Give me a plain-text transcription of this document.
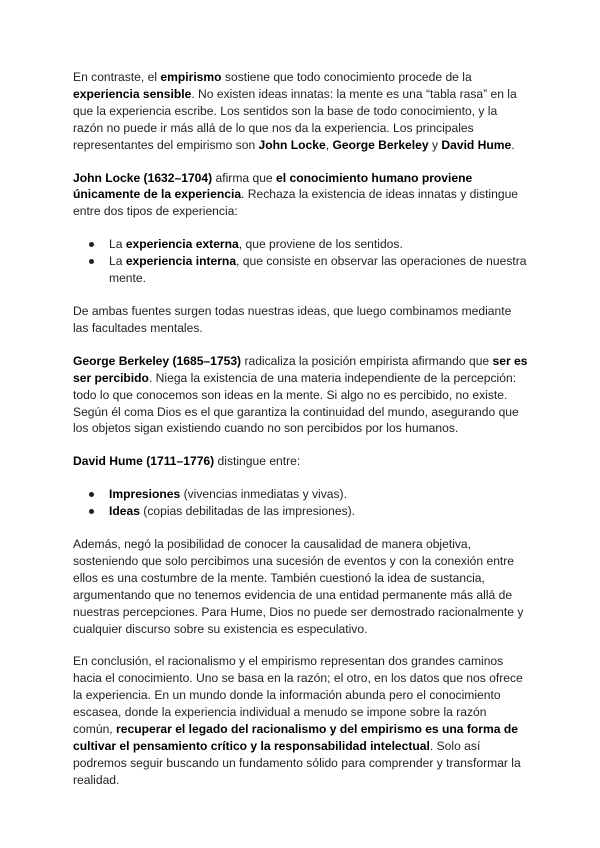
En contraste, el empirismo sostiene que todo conocimiento procede de la experiencia sensible. No existen ideas innatas: la mente es una “tabla rasa” en la que la experiencia escribe. Los sentidos son la base de todo conocimiento, y la razón no puede ir más allá de lo que nos da la experiencia. Los principales representantes del empirismo son John Locke, George Berkeley y David Hume.

John Locke (1632–1704) afirma que el conocimiento humano proviene únicamente de la experiencia. Rechaza la existencia de ideas innatas y distingue entre dos tipos de experiencia:

La experiencia externa, que proviene de los sentidos.
La experiencia interna, que consiste en observar las operaciones de nuestra mente.

De ambas fuentes surgen todas nuestras ideas, que luego combinamos mediante las facultades mentales.

George Berkeley (1685–1753) radicaliza la posición empirista afirmando que ser es ser percibido. Niega la existencia de una materia independiente de la percepción: todo lo que conocemos son ideas en la mente. Si algo no es percibido, no existe. Según él coma Dios es el que garantiza la continuidad del mundo, asegurando que los objetos sigan existiendo cuando no son percibidos por los humanos.

David Hume (1711–1776) distingue entre:

Impresiones (vivencias inmediatas y vivas).
Ideas (copias debilitadas de las impresiones).

Además, negó la posibilidad de conocer la causalidad de manera objetiva, sosteniendo que solo percibimos una sucesión de eventos y con la conexión entre ellos es una costumbre de la mente. También cuestionó la idea de sustancia, argumentando que no tenemos evidencia de una entidad permanente más allá de nuestras percepciones. Para Hume, Dios no puede ser demostrado racionalmente y cualquier discurso sobre su existencia es especulativo.

En conclusión, el racionalismo y el empirismo representan dos grandes caminos hacia el conocimiento. Uno se basa en la razón; el otro, en los datos que nos ofrece la experiencia. En un mundo donde la información abunda pero el conocimiento escasea, donde la experiencia individual a menudo se impone sobre la razón común, recuperar el legado del racionalismo y del empirismo es una forma de cultivar el pensamiento crítico y la responsabilidad intelectual. Solo así podremos seguir buscando un fundamento sólido para comprender y transformar la realidad.
